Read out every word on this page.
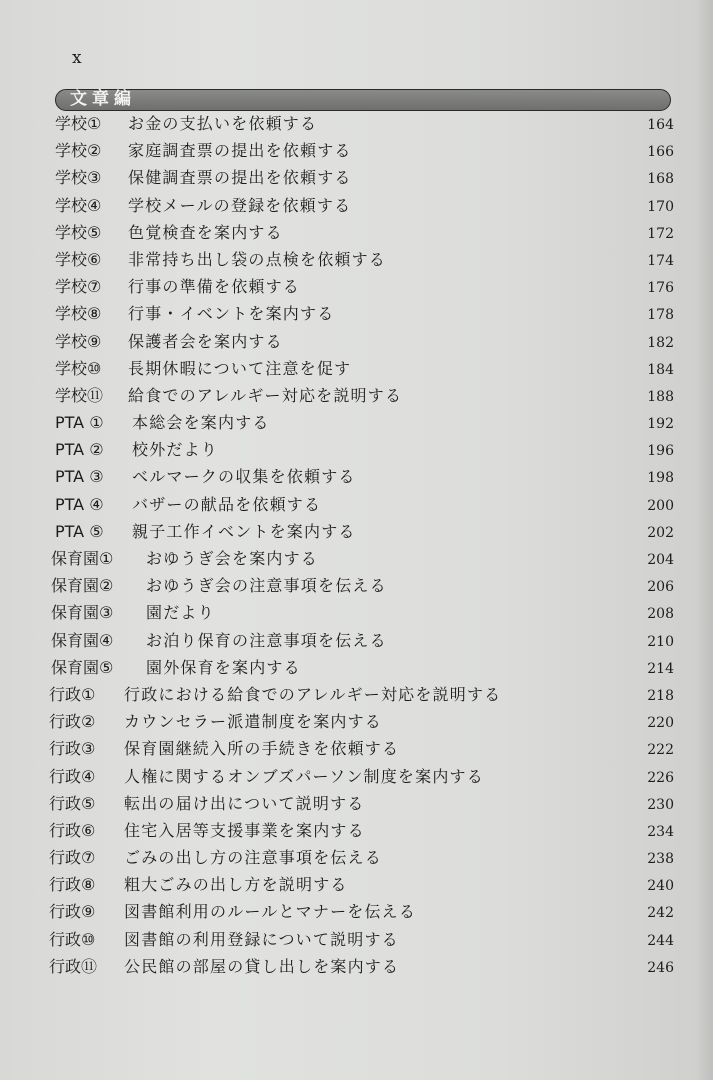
x
文章編
学校① お金の支払いを依頼する	164
学校② 家庭調査票の提出を依頼する	166
学校③ 保健調査票の提出を依頼する	168
学校④ 学校メールの登録を依頼する	170
学校⑤ 色覚検査を案内する	172
学校⑥ 非常持ち出し袋の点検を依頼する	174
学校⑦ 行事の準備を依頼する	176
学校⑧ 行事・イベントを案内する	178
学校⑨ 保護者会を案内する	182
学校⑩ 長期休暇について注意を促す	184
学校⑪ 給食でのアレルギー対応を説明する	188
PTA ① 本総会を案内する	192
PTA ② 校外だより	196
PTA ③ ベルマークの収集を依頼する	198
PTA ④ バザーの献品を依頼する	200
PTA ⑤ 親子工作イベントを案内する	202
保育園① おゆうぎ会を案内する	204
保育園② おゆうぎ会の注意事項を伝える	206
保育園③ 園だより	208
保育園④ お泊り保育の注意事項を伝える	210
保育園⑤ 園外保育を案内する	214
行政① 行政における給食でのアレルギー対応を説明する	218
行政② カウンセラー派遣制度を案内する	220
行政③ 保育園継続入所の手続きを依頼する	222
行政④ 人権に関するオンブズパーソン制度を案内する	226
行政⑤ 転出の届け出について説明する	230
行政⑥ 住宅入居等支援事業を案内する	234
行政⑦ ごみの出し方の注意事項を伝える	238
行政⑧ 粗大ごみの出し方を説明する	240
行政⑨ 図書館利用のルールとマナーを伝える	242
行政⑩ 図書館の利用登録について説明する	244
行政⑪ 公民館の部屋の貸し出しを案内する	246
